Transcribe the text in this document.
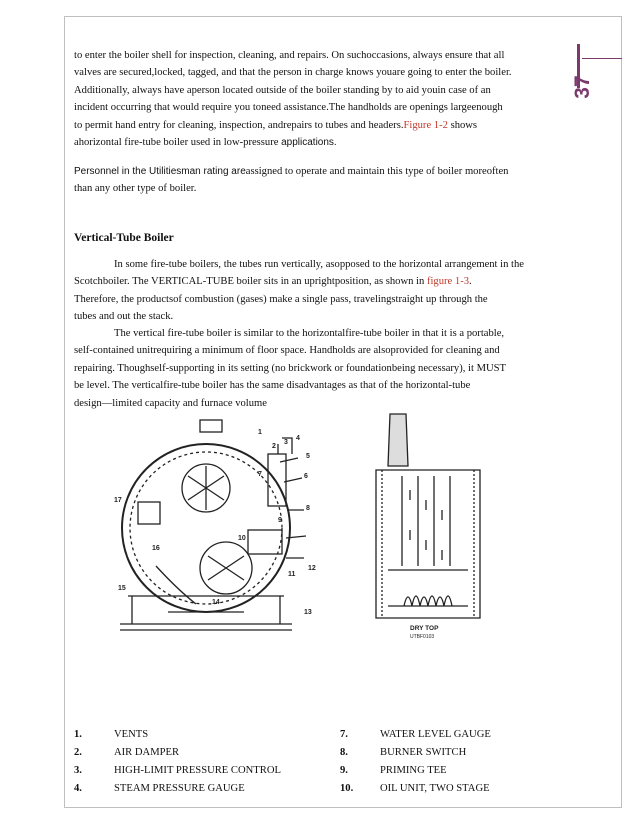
37

to enter the boiler shell for inspection, cleaning, and repairs. On suchoccasions, always ensure that all

valves are secured,locked, tagged, and that the person in charge knows youare going to enter the boiler.

Additionally, always have aperson located outside of the boiler standing by to aid youin case of an

incident occurring that would require you toneed assistance.The handholds are openings largeenough

to permit hand entry for cleaning, inspection, andrepairs to tubes and headers.Figure 1-2 shows

ahorizontal fire-tube boiler used in low-pressure applications.

Personnel in the Utilitiesman rating areassigned to operate and maintain this type of boiler moreoften

than any other type of boiler.

Vertical-Tube Boiler

In some fire-tube boilers, the tubes run vertically, asopposed to the horizontal arrangement in the

Scotchboiler. The VERTICAL-TUBE boiler sits in an uprightposition, as shown in figure 1-3.

Therefore, the productsof combustion (gases) make a single pass, travelingstraight up through the

tubes and out the stack.

The vertical fire-tube boiler is similar to the horizontalfire-tube boiler in that it is a portable,

self-contained unitrequiring a minimum of floor space. Handholds are alsoprovided for cleaning and

repairing. Thoughself-supporting in its setting (no brickwork or foundationbeing necessary), it MUST

be level. The verticalfire-tube boiler has the same disadvantages as that of the horizontal-tube

design—limited capacity and furnace volume

1
2
3
4
5
6
7
8
9
10
11
12
13
14
15
16
17
DRY TOP
UTBF0103
1.	VENTS
2.	AIR DAMPER
3.	HIGH-LIMIT PRESSURE CONTROL
4.	STEAM PRESSURE GAUGE
7.	WATER LEVEL GAUGE
8.	BURNER SWITCH
9.	PRIMING TEE
10.	OIL UNIT, TWO STAGE
